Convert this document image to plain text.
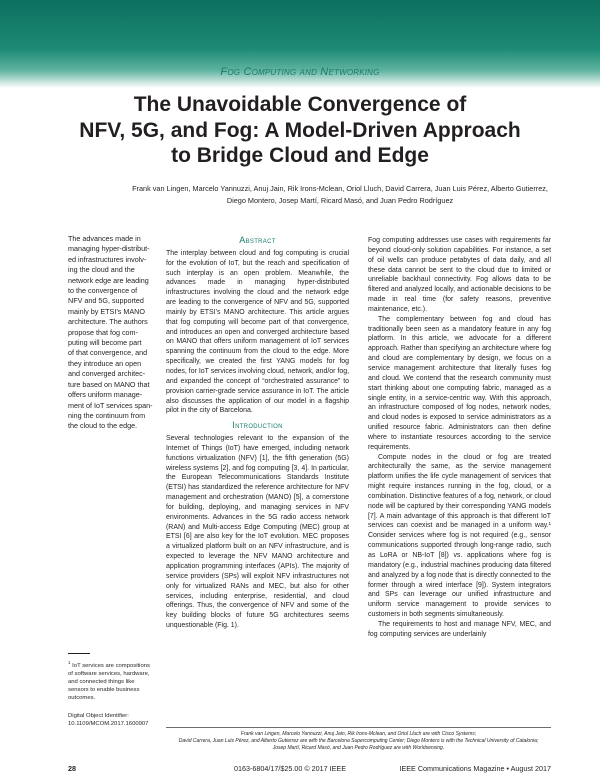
Fog Computing and Networking
The Unavoidable Convergence of
NFV, 5G, and Fog: A Model-Driven Approach
to Bridge Cloud and Edge
Frank van Lingen, Marcelo Yannuzzi, Anuj Jain, Rik Irons-Mclean, Oriol Lluch, David Carrera, Juan Luis Pérez, Alberto Gutierrez,
Diego Montero, Josep Martí, Ricard Masó, and Juan Pedro Rodríguez
The advances made in
managing hyper-distribut-
ed infrastructures involv-
ing the cloud and the
network edge are leading
to the convergence of
NFV and 5G, supported
mainly by ETSI’s MANO
architecture. The authors
propose that fog com-
puting will become part
of that convergence, and
they introduce an open
and converged architec-
ture based on MANO that
offers uniform manage-
ment of IoT services span-
ning the continuum from
the cloud to the edge.
Abstract

The interplay between cloud and fog computing is crucial for the evolution of IoT, but the reach and specification of such interplay is an open problem. Meanwhile, the advances made in managing hyper-distributed infrastructures involving the cloud and the network edge are leading to the convergence of NFV and 5G, supported mainly by ETSI’s MANO architecture. This article argues that fog computing will become part of that convergence, and introduces an open and converged architecture based on MANO that offers uniform management of IoT services spanning the continuum from the cloud to the edge. More specifically, we created the first YANG models for fog nodes, for IoT services involving cloud, network, and/or fog, and expanded the concept of “orchestrated assurance” to provision carrier-grade service assurance in IoT. The article also discusses the application of our model in a flagship pilot in the city of Barcelona.

Introduction

Several technologies relevant to the expansion of the Internet of Things (IoT) have emerged, including network functions virtualization (NFV) [1], the fifth generation (5G) wireless systems [2], and fog computing [3, 4]. In particular, the European Telecommunications Standards Institute (ETSI) has standardized the reference architecture for NFV management and orchestration (MANO) [5], a cornerstone for building, deploying, and managing services in NFV environments. Advances in the 5G radio access network (RAN) and Multi-access Edge Computing (MEC) group at ETSI [6] are also key for the IoT evolution. MEC proposes a virtualized platform built on an NFV infrastructure, and is expected to leverage the NFV MANO architecture and application programming interfaces (APIs). The majority of service providers (SPs) will exploit NFV infrastructures not only for virtualized RANs and MEC, but also for other services, including enterprise, residential, and cloud offerings. Thus, the convergence of NFV and some of the key building blocks of future 5G architectures seems unquestionable (Fig. 1).

Fog computing addresses use cases with requirements far beyond cloud-only solution capabilities. For instance, a set of oil wells can produce petabytes of data daily, and all these data cannot be sent to the cloud due to limited or unreliable backhaul connectivity. Fog allows data to be filtered and analyzed locally, and actionable decisions to be made in real time (for safety reasons, preventive maintenance, etc.).

The complementary between fog and cloud has traditionally been seen as a mandatory feature in any fog platform. In this article, we advocate for a different approach. Rather than specifying an architecture where fog and cloud are complementary by design, we focus on a service management architecture that literally fuses fog and cloud. We contend that the research community must start thinking about one computing fabric, managed as a single entity, in a service-centric way. With this approach, an infrastructure composed of fog nodes, network nodes, and cloud nodes is exposed to service administrators as a unified resource fabric. Administrators can then define where to instantiate resources according to the service requirements.

Compute nodes in the cloud or fog are treated architecturally the same, as the service management platform unifies the life cycle management of services that might require instances running in the fog, cloud, or a combination. Distinctive features of a fog, network, or cloud node will be captured by their corresponding YANG models [7]. A main advantage of this approach is that different IoT services can coexist and be managed in a uniform way.¹ Consider services where fog is not required (e.g., sensor communications supported through long-range radio, such as LoRA or NB-IoT [8]) vs. applications where fog is mandatory (e.g., industrial machines producing data filtered and analyzed by a fog node that is directly connected to the former through a wired interface [9]). System integrators and SPs can leverage our unified infrastructure and uniform service management to provide services to customers in both segments simultaneously.

The requirements to host and manage NFV, MEC, and fog computing services are underlainly

$^1$ IoT services are compositions of software services, hardware, and connected things like sensors to enable business outcomes.
Digital Object Identifier:
10.1109/MCOM.2017.1600907
Frank van Lingen, Marcelo Yannuzzi, Anuj Jain, Rik Irons-Mclean, and Oriol Lluch are with Cisco Systems;
David Carrera, Juan Luis Pérez, and Alberto Gutierrez are with the Barcelona Supercomputing Center; Diego Montero is with the Technical University of Catalonia;
Josep Martí, Ricard Masó, and Juan Pedro Rodríguez are with Worldsensing.
28	0163-6804/17/$25.00 © 2017 IEEE	IEEE Communications Magazine • August 2017
